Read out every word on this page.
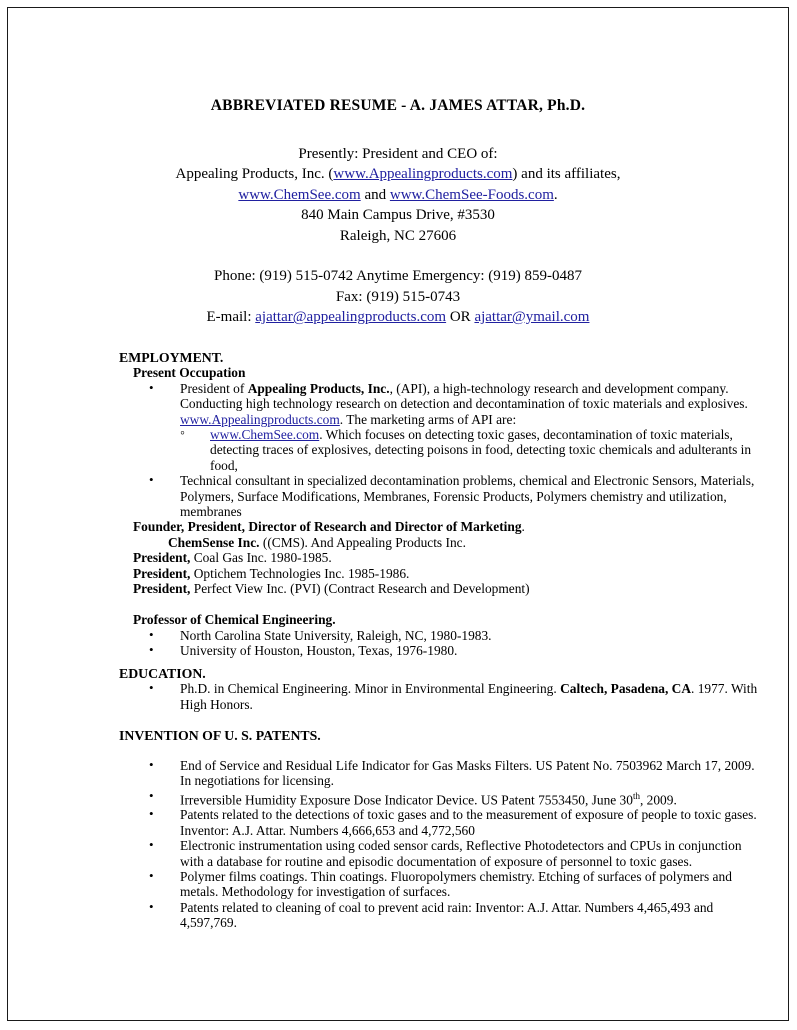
ABBREVIATED RESUME - A. JAMES ATTAR, Ph.D.
Presently: President and CEO of:
Appealing Products, Inc. (www.Appealingproducts.com) and its affiliates,
www.ChemSee.com and www.ChemSee-Foods.com.
840 Main Campus Drive, #3530
Raleigh, NC 27606
Phone: (919) 515-0742 Anytime Emergency: (919) 859-0487
Fax: (919) 515-0743
E-mail: ajattar@appealingproducts.com OR ajattar@ymail.com
EMPLOYMENT.
Present Occupation
• President of Appealing Products, Inc., (API), a high-technology research and development company. Conducting high technology research on detection and decontamination of toxic materials and explosives. www.Appealingproducts.com. The marketing arms of API are:
◦ www.ChemSee.com. Which focuses on detecting toxic gases, decontamination of toxic materials, detecting traces of explosives, detecting poisons in food, detecting toxic chemicals and adulterants in food,
• Technical consultant in specialized decontamination problems, chemical and Electronic Sensors, Materials, Polymers, Surface Modifications, Membranes, Forensic Products, Polymers chemistry and utilization, membranes
Founder, President, Director of Research and Director of Marketing.
ChemSense Inc. ((CMS). And Appealing Products Inc.
President, Coal Gas Inc. 1980-1985.
President, Optichem Technologies Inc. 1985-1986.
President, Perfect View Inc. (PVI) (Contract Research and Development)
Professor of Chemical Engineering.
• North Carolina State University, Raleigh, NC, 1980-1983.
• University of Houston, Houston, Texas, 1976-1980.
EDUCATION.
• Ph.D. in Chemical Engineering. Minor in Environmental Engineering. Caltech, Pasadena, CA. 1977. With High Honors.
INVENTION OF U. S. PATENTS.
• End of Service and Residual Life Indicator for Gas Masks Filters. US Patent No. 7503962 March 17, 2009. In negotiations for licensing.
• Irreversible Humidity Exposure Dose Indicator Device. US Patent 7553450, June 30th, 2009.
• Patents related to the detections of toxic gases and to the measurement of exposure of people to toxic gases. Inventor: A.J. Attar. Numbers 4,666,653 and 4,772,560
• Electronic instrumentation using coded sensor cards, Reflective Photodetectors and CPUs in conjunction with a database for routine and episodic documentation of exposure of personnel to toxic gases.
• Polymer films coatings. Thin coatings. Fluoropolymers chemistry. Etching of surfaces of polymers and metals. Methodology for investigation of surfaces.
• Patents related to cleaning of coal to prevent acid rain: Inventor: A.J. Attar. Numbers 4,465,493 and 4,597,769.
